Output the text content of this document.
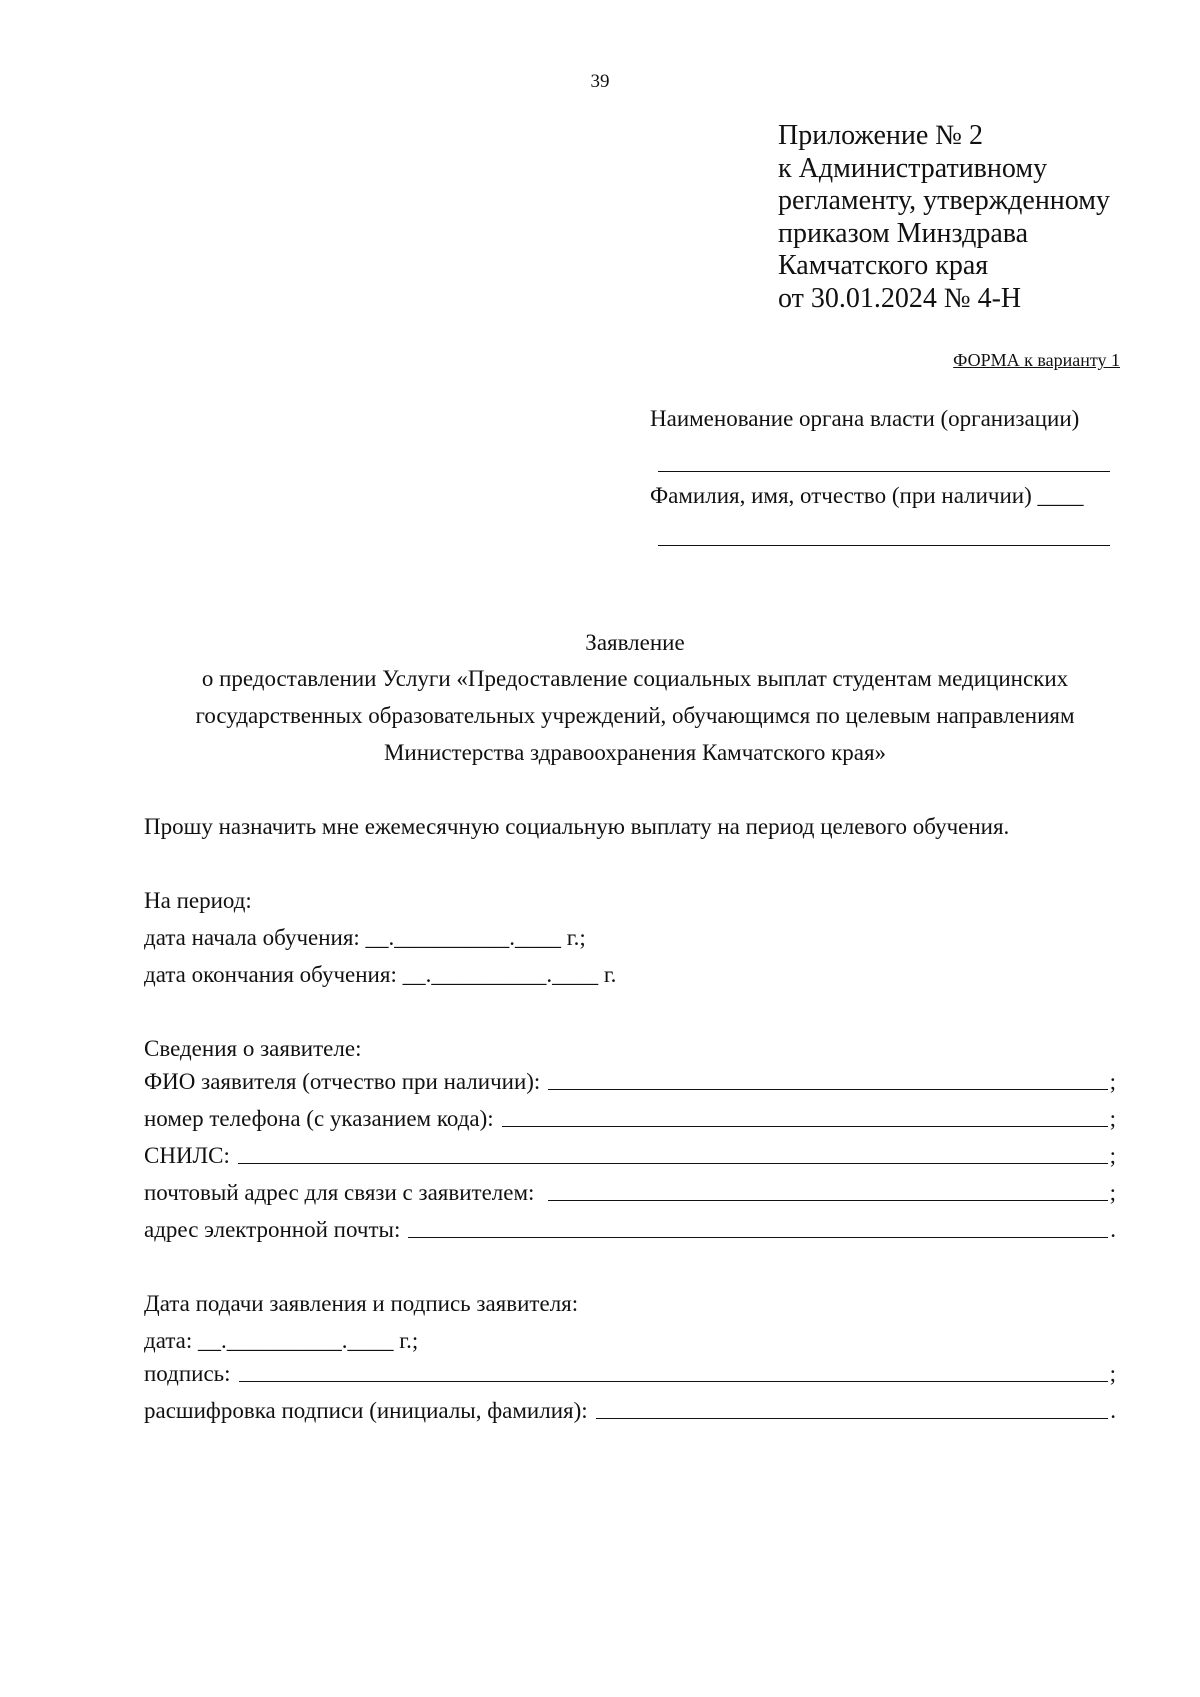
39
Приложение № 2
к Административному
регламенту, утвержденному
приказом Минздрава
Камчатского края
от 30.01.2024 № 4-Н
ФОРМА к варианту 1
Наименование органа власти (организации)
Фамилия, имя, отчество (при наличии) ____
Заявление
о предоставлении Услуги «Предоставление социальных выплат студентам медицинских
государственных образовательных учреждений, обучающимся по целевым направлениям
Министерства здравоохранения Камчатского края»
Прошу назначить мне ежемесячную социальную выплату на период целевого обучения.
На период:
дата начала обучения: __.__________.____ г.;
дата окончания обучения: __.__________.____ г.
Сведения о заявителе:
ФИО заявителя (отчество при наличии):	;
номер телефона (с указанием кода):	;
СНИЛС:	;
почтовый адрес для связи с заявителем:	;
адрес электронной почты:	.
Дата подачи заявления и подпись заявителя:
дата: __.__________.____ г.;
подпись:	;
расшифровка подписи (инициалы, фамилия):	.
